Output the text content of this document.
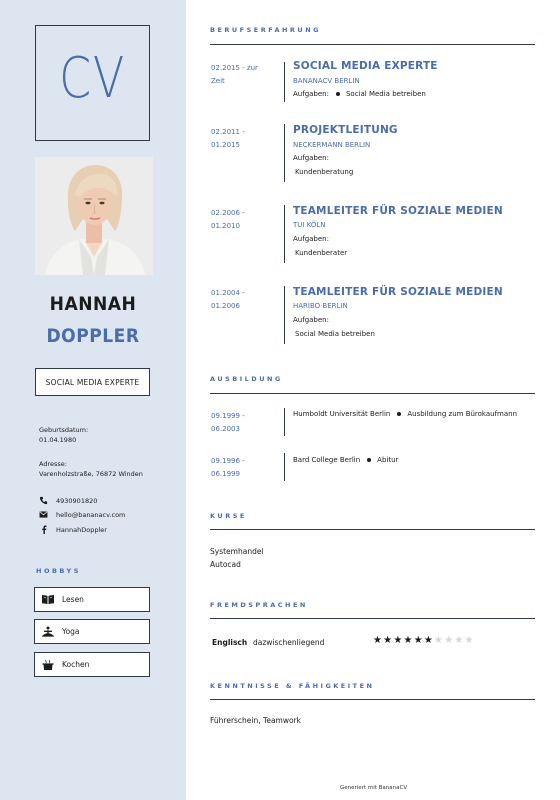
CV
HANNAH
DOPPLER
SOCIAL MEDIA EXPERTE
Geburtsdatum:
01.04.1980
Adresse:
Varenholzstraße, 76872 Winden
4930901820
hello@bananacv.com
HannahDoppler
HOBBYS
Lesen
Yoga
Kochen
BERUFSERFAHRUNG
02.2015 - zur
Zeit
SOCIAL MEDIA EXPERTE
BANANACV BERLIN
Aufgaben: Social Media betreiben
02.2011 -
01.2015
PROJEKTLEITUNG
NECKERMANN BERLIN
Aufgaben:
Kundenberatung
02.2006 -
01.2010
TEAMLEITER FÜR SOZIALE MEDIEN
TUI KÖLN
Aufgaben:
Kundenberater
01.2004 -
01.2006
TEAMLEITER FÜR SOZIALE MEDIEN
HARIBO BERLIN
Aufgaben:
Social Media betreiben
AUSBILDUNG
09.1999 -
06.2003
Humboldt Universität Berlin Ausbildung zum Bürokaufmann
09.1996 -
06.1999
Bard College Berlin Abitur
KURSE
Systemhandel
Autocad
FREMDSPRACHEN
Englisch dazwischenliegend	★★★★★★★★★★
KENNTNISSE & FÄHIGKEITEN
Führerschein, Teamwork
Generiert mit BananaCV
